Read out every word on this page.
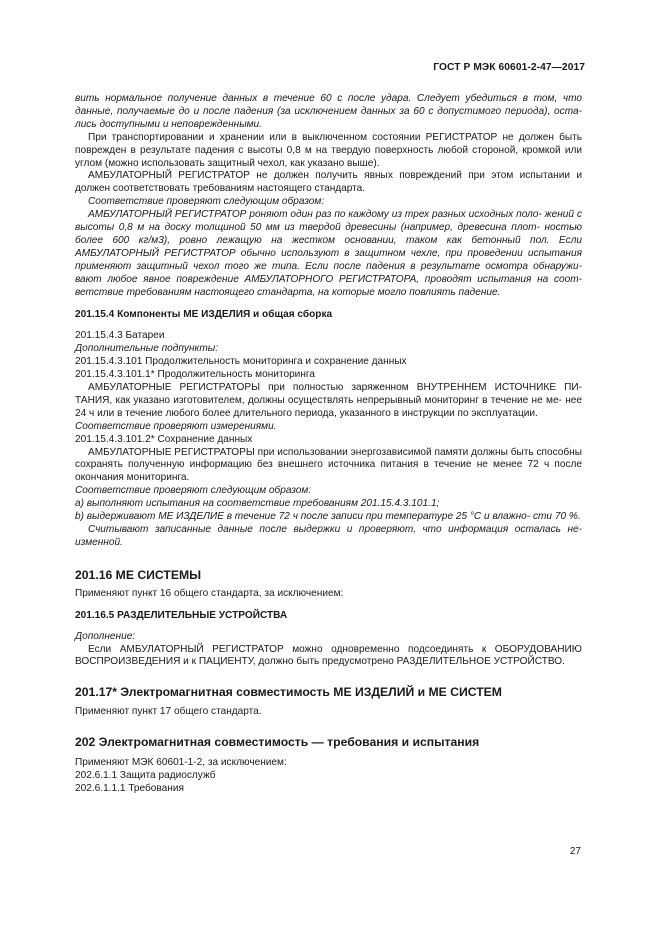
ГОСТ Р МЭК 60601-2-47—2017

вить нормальное получение данных в течение 60 с после удара. Следует убедиться в том, что данные, получаемые до и после падения (за исключением данных за 60 с допустимого периода), оста- лись доступными и неповрежденными.

При транспортировании и хранении или в выключенном состоянии РЕГИСТРАТОР не должен быть поврежден в результате падения с высоты 0,8 м на твердую поверхность любой стороной, кромкой или углом (можно использовать защитный чехол, как указано выше).

АМБУЛАТОРНЫЙ РЕГИСТРАТОР не должен получить явных повреждений при этом испытании и должен соответствовать требованиям настоящего стандарта.

Соответствие проверяют следующим образом:

АМБУЛАТОРНЫЙ РЕГИСТРАТОР роняют один раз по каждому из трех разных исходных поло- жений с высоты 0,8 м на доску толщиной 50 мм из твердой древесины (например, древесина плот- ностью более 600 кг/м3), ровно лежащую на жестком основании, таком как бетонный пол. Если АМБУЛАТОРНЫЙ РЕГИСТРАТОР обычно используют в защитном чехле, при проведении испытания применяют защитный чехол того же типа. Если после падения в результате осмотра обнаружи- вают любое явное повреждение АМБУЛАТОРНОГО РЕГИСТРАТОРА, проводят испытания на соот- ветствие требованиям настоящего стандарта, на которые могло повлиять падение.

201.15.4 Компоненты МЕ ИЗДЕЛИЯ и общая сборка

201.15.4.3 Батареи

Дополнительные подпункты:

201.15.4.3.101 Продолжительность мониторинга и сохранение данных

201.15.4.3.101.1* Продолжительность мониторинга

АМБУЛАТОРНЫЕ РЕГИСТРАТОРЫ при полностью заряженном ВНУТРЕННЕМ ИСТОЧНИКЕ ПИ- ТАНИЯ, как указано изготовителем, должны осуществлять непрерывный мониторинг в течение не ме- нее 24 ч или в течение любого более длительного периода, указанного в инструкции по эксплуатации.

Соответствие проверяют измерениями.

201.15.4.3.101.2* Сохранение данных

АМБУЛАТОРНЫЕ РЕГИСТРАТОРЫ при использовании энергозависимой памяти должны быть способны сохранять полученную информацию без внешнего источника питания в течение не менее 72 ч после окончания мониторинга.

Соответствие проверяют следующим образом:

а) выполняют испытания на соответствие требованиям 201.15.4.3.101.1;

b) выдерживают МЕ ИЗДЕЛИЕ в течение 72 ч после записи при температуре 25 °С и влажно- сти 70 %.

Считывают записанные данные после выдержки и проверяют, что информация осталась не- изменной.

201.16 МЕ СИСТЕМЫ

Применяют пункт 16 общего стандарта, за исключением:

201.16.5 РАЗДЕЛИТЕЛЬНЫЕ УСТРОЙСТВА

Дополнение:

Если АМБУЛАТОРНЫЙ РЕГИСТРАТОР можно одновременно подсоединять к ОБОРУДОВАНИЮ ВОСПРОИЗВЕДЕНИЯ и к ПАЦИЕНТУ, должно быть предусмотрено РАЗДЕЛИТЕЛЬНОЕ УСТРОЙСТВО.

201.17* Электромагнитная совместимость МЕ ИЗДЕЛИЙ и МЕ СИСТЕМ

Применяют пункт 17 общего стандарта.

202 Электромагнитная совместимость — требования и испытания

Применяют МЭК 60601-1-2, за исключением:

202.6.1.1 Защита радиослужб

202.6.1.1.1 Требования

27
